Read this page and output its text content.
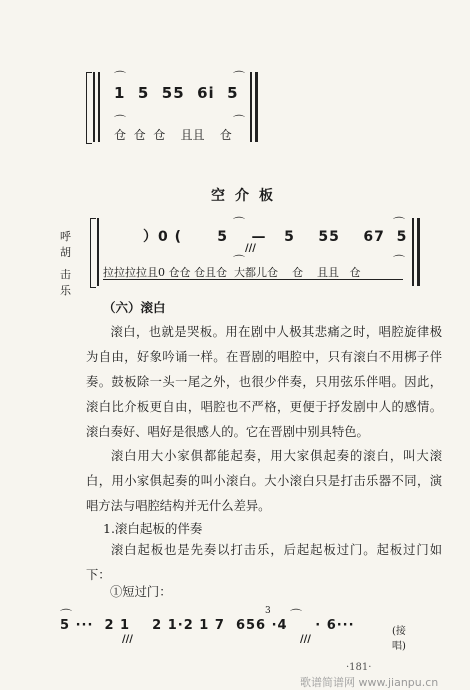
⌒	⌒
1  5  55  6i  5
⌒	⌒
仓  仓  仓    且且    仓
空介板
呼胡
击乐
⌒	⌒
）0 (      5    —   5    55    67  5
///
⌒	⌒
拉拉拉拉且0 仓仓 仓且仓  大都儿仓    仓    且且   仓
（六）滚白
滚白，也就是哭板。用在剧中人极其悲痛之时，唱腔旋律极为自由，好象吟诵一样。在晋剧的唱腔中，只有滚白不用梆子伴奏。鼓板除一头一尾之外，也很少伴奏，只用弦乐伴唱。因此，滚白比介板更自由，唱腔也不严格，更便于抒发剧中人的感情。滚白奏好、唱好是很感人的。它在晋剧中别具特色。
滚白用大小家俱都能起奏，用大家俱起奏的滚白，叫大滚白，用小家俱起奏的叫小滚白。大小滚白只是打击乐器不同，演唱方法与唱腔结构并无什么差异。
1.滚白起板的伴奏
滚白起板也是先奏以打击乐，后起起板过门。起板过门如下：
①短过门：
⌒	⌒
3
5 ···  2 1    2 1·2 1 7  656 ·4     · 6···
///	///
(接唱)
·181·
歌谱简谱网 www.jianpu.cn
